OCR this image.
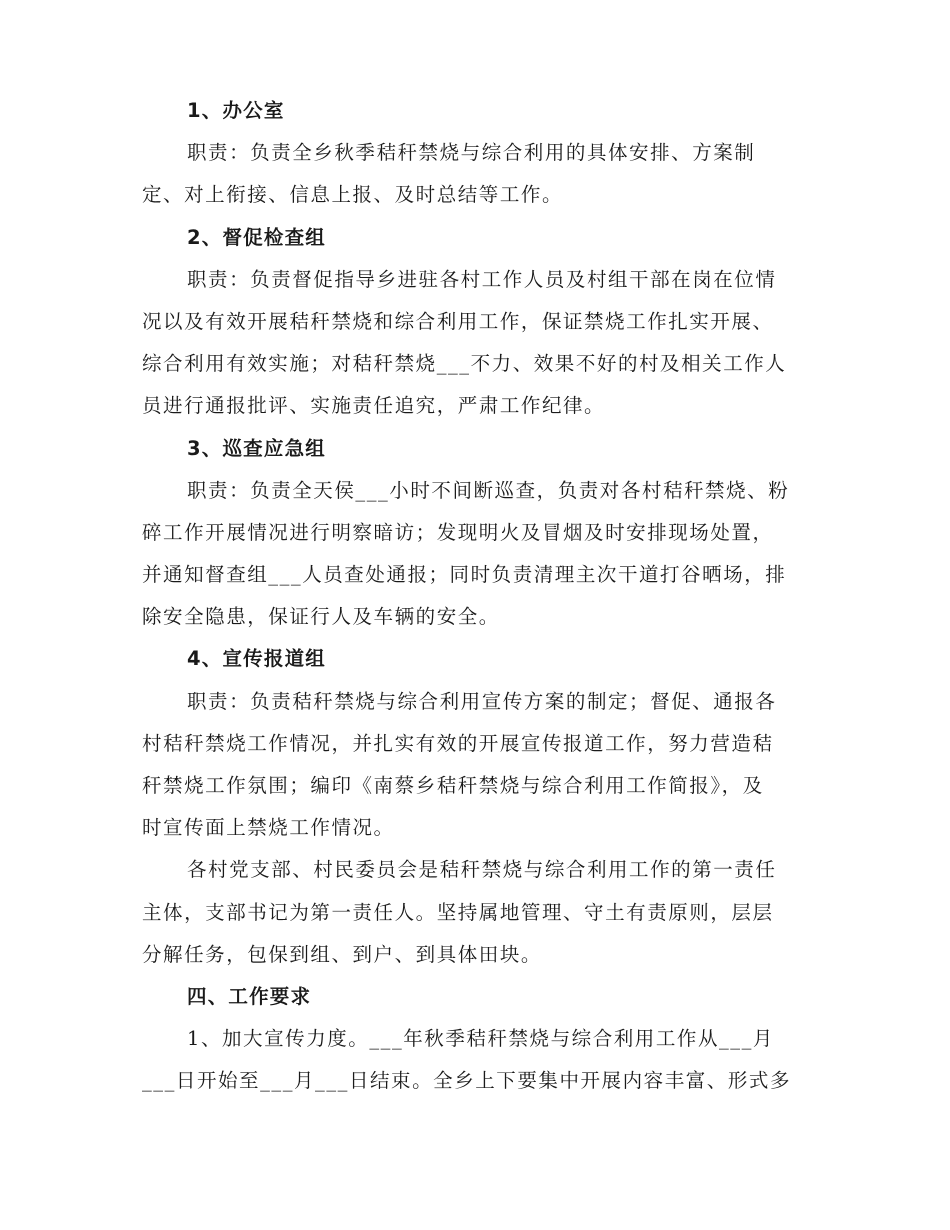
1、办公室
职责：负责全乡秋季秸秆禁烧与综合利用的具体安排、方案制
定、对上衔接、信息上报、及时总结等工作。
2、督促检查组
职责：负责督促指导乡进驻各村工作人员及村组干部在岗在位情
况以及有效开展秸秆禁烧和综合利用工作，保证禁烧工作扎实开展、
综合利用有效实施；对秸秆禁烧___不力、效果不好的村及相关工作人
员进行通报批评、实施责任追究，严肃工作纪律。
3、巡查应急组
职责：负责全天侯___小时不间断巡查，负责对各村秸秆禁烧、粉
碎工作开展情况进行明察暗访；发现明火及冒烟及时安排现场处置，
并通知督查组___人员查处通报；同时负责清理主次干道打谷晒场，排
除安全隐患，保证行人及车辆的安全。
4、宣传报道组
职责：负责秸秆禁烧与综合利用宣传方案的制定；督促、通报各
村秸秆禁烧工作情况，并扎实有效的开展宣传报道工作，努力营造秸
秆禁烧工作氛围；编印《南蔡乡秸秆禁烧与综合利用工作简报》，及
时宣传面上禁烧工作情况。
各村党支部、村民委员会是秸秆禁烧与综合利用工作的第一责任
主体，支部书记为第一责任人。坚持属地管理、守土有责原则，层层
分解任务，包保到组、到户、到具体田块。
四、工作要求
1、加大宣传力度。___年秋季秸秆禁烧与综合利用工作从___月
___日开始至___月___日结束。全乡上下要集中开展内容丰富、形式多
